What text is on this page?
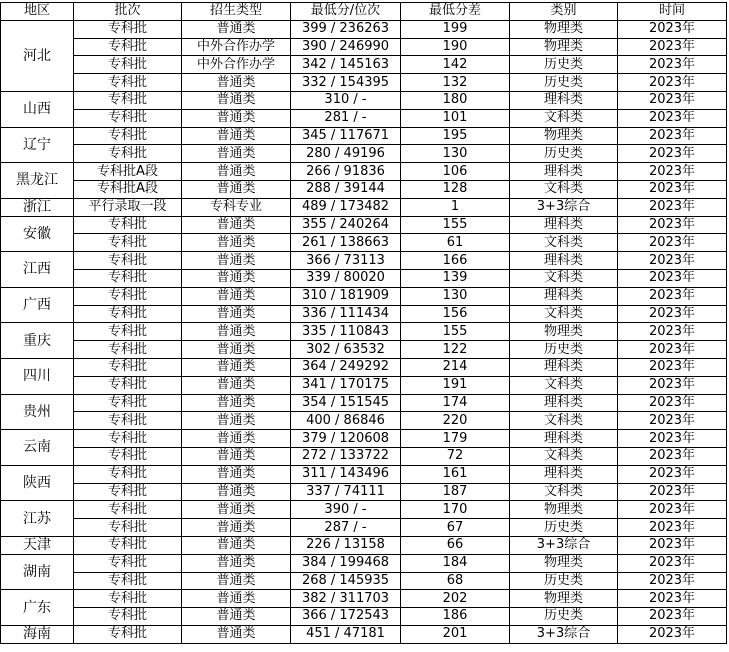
地区	批次	招生类型	最低分/位次	最低分差	类别	时间
河北	专科批	普通类	399 / 236263	199	物理类	2023年
	专科批	中外合作办学	390 / 246990	190	物理类	2023年
	专科批	中外合作办学	342 / 145163	142	历史类	2023年
	专科批	普通类	332 / 154395	132	历史类	2023年
山西	专科批	普通类	310 / -	180	理科类	2023年
	专科批	普通类	281 / -	101	文科类	2023年
辽宁	专科批	普通类	345 / 117671	195	物理类	2023年
	专科批	普通类	280 / 49196	130	历史类	2023年
黑龙江	专科批A段	普通类	266 / 91836	106	理科类	2023年
	专科批A段	普通类	288 / 39144	128	文科类	2023年
浙江	平行录取一段	专科专业	489 / 173482	1	3+3综合	2023年
安徽	专科批	普通类	355 / 240264	155	理科类	2023年
	专科批	普通类	261 / 138663	61	文科类	2023年
江西	专科批	普通类	366 / 73113	166	理科类	2023年
	专科批	普通类	339 / 80020	139	文科类	2023年
广西	专科批	普通类	310 / 181909	130	理科类	2023年
	专科批	普通类	336 / 111434	156	文科类	2023年
重庆	专科批	普通类	335 / 110843	155	物理类	2023年
	专科批	普通类	302 / 63532	122	历史类	2023年
四川	专科批	普通类	364 / 249292	214	理科类	2023年
	专科批	普通类	341 / 170175	191	文科类	2023年
贵州	专科批	普通类	354 / 151545	174	理科类	2023年
	专科批	普通类	400 / 86846	220	文科类	2023年
云南	专科批	普通类	379 / 120608	179	理科类	2023年
	专科批	普通类	272 / 133722	72	文科类	2023年
陕西	专科批	普通类	311 / 143496	161	理科类	2023年
	专科批	普通类	337 / 74111	187	文科类	2023年
江苏	专科批	普通类	390 / -	170	物理类	2023年
	专科批	普通类	287 / -	67	历史类	2023年
天津	专科批	普通类	226 / 13158	66	3+3综合	2023年
湖南	专科批	普通类	384 / 199468	184	物理类	2023年
	专科批	普通类	268 / 145935	68	历史类	2023年
广东	专科批	普通类	382 / 311703	202	物理类	2023年
	专科批	普通类	366 / 172543	186	历史类	2023年
海南	专科批	普通类	451 / 47181	201	3+3综合	2023年
